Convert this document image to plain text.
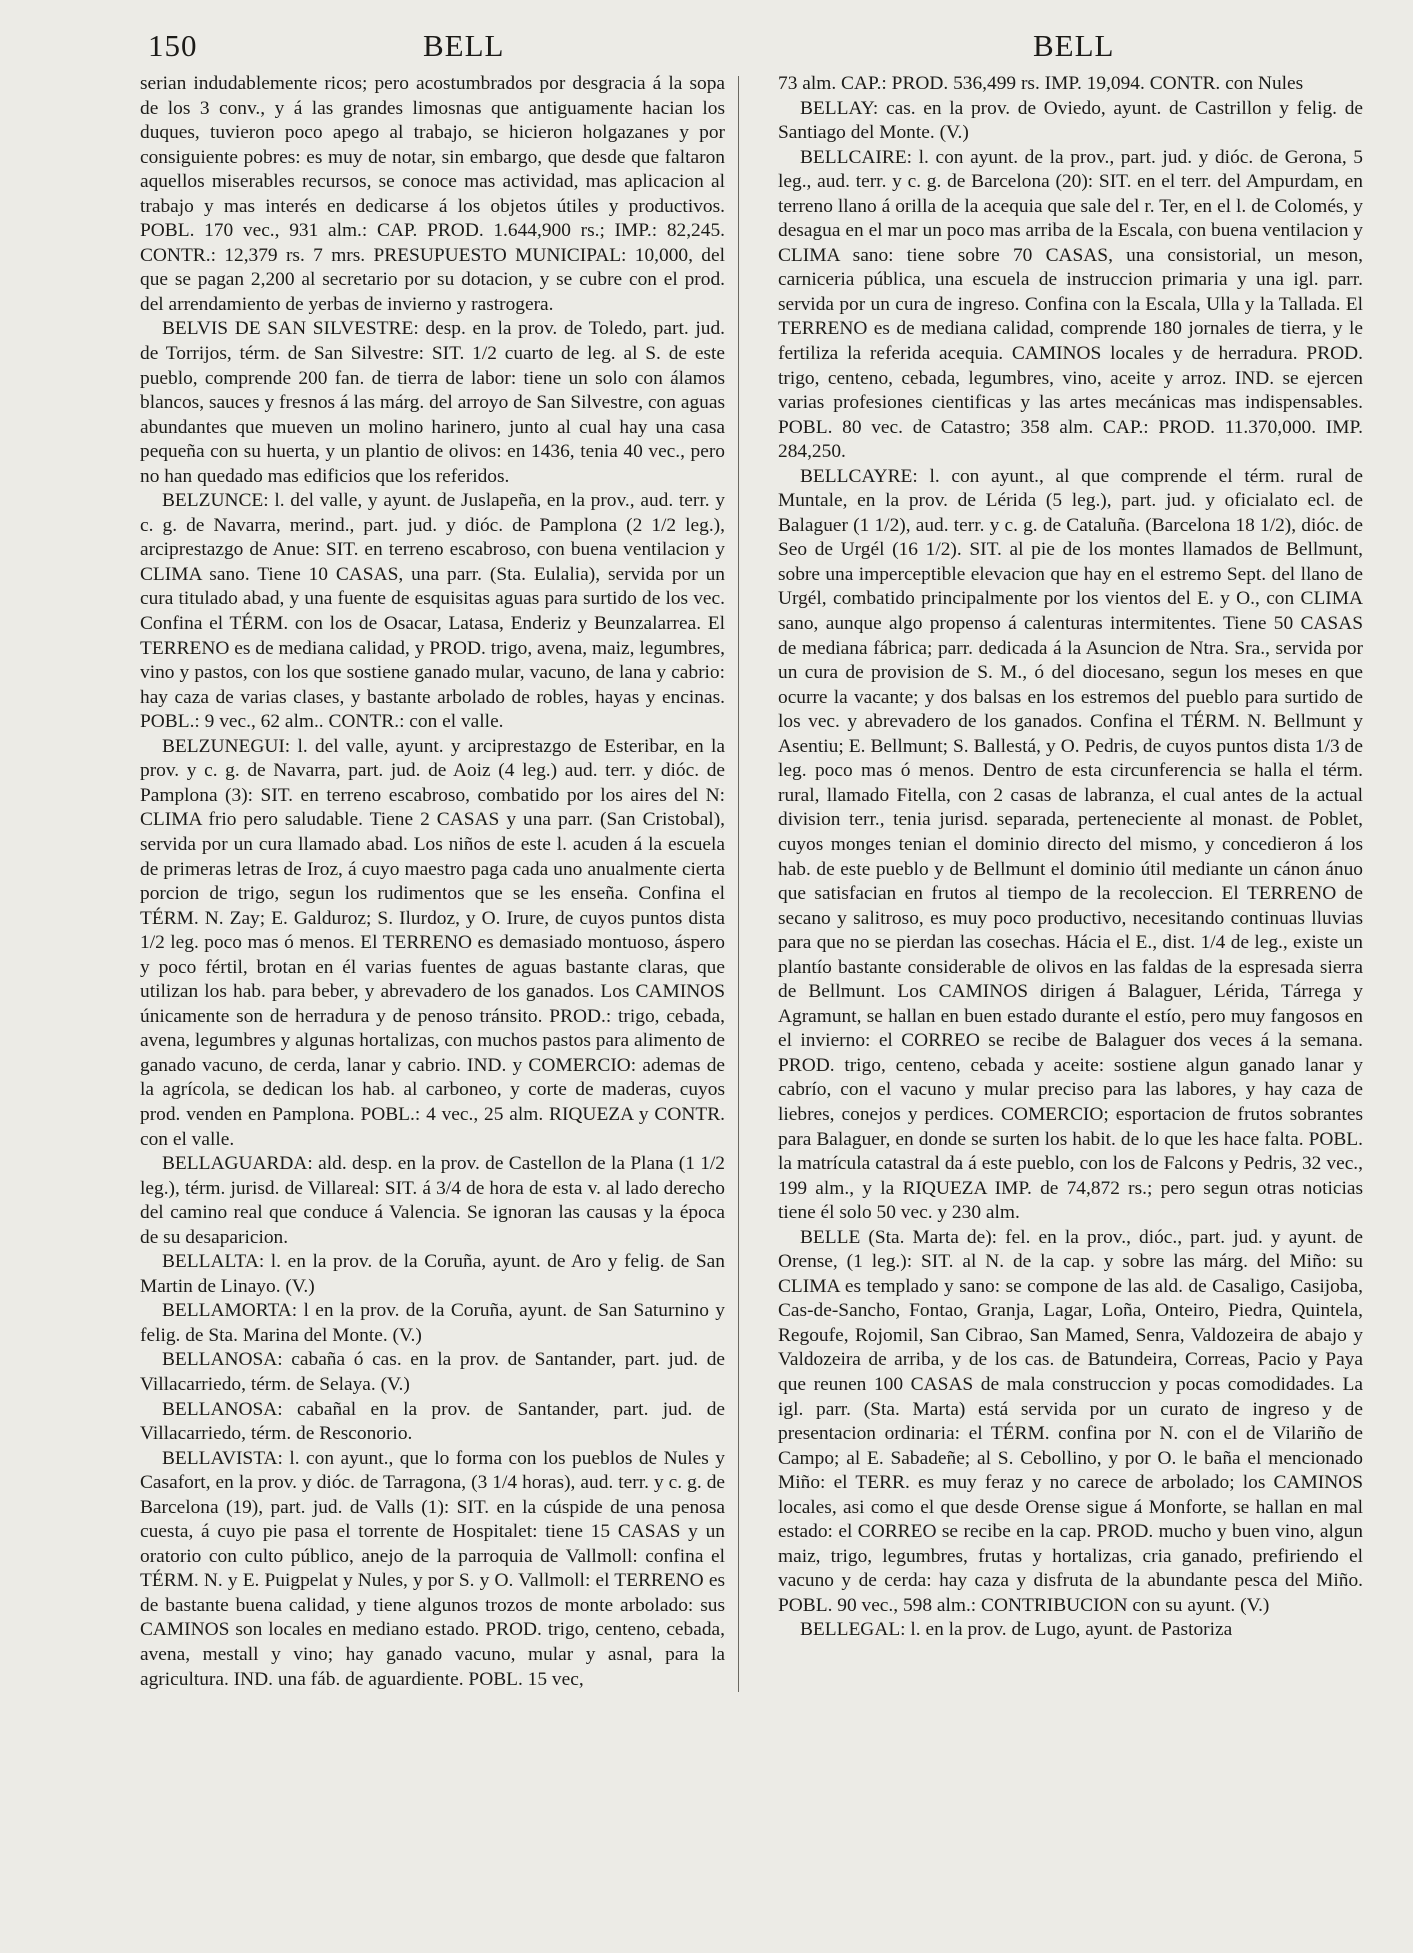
150	BELL	BELL

serian indudablemente ricos; pero acostumbrados por desgracia á la sopa de los 3 conv., y á las grandes limosnas que antiguamente hacian los duques, tuvieron poco apego al trabajo, se hicieron holgazanes y por consiguiente pobres: es muy de notar, sin embargo, que desde que faltaron aquellos miserables recursos, se conoce mas actividad, mas aplicacion al trabajo y mas interés en dedicarse á los objetos útiles y productivos. POBL. 170 vec., 931 alm.: CAP. PROD. 1.644,900 rs.; IMP.: 82,245. CONTR.: 12,379 rs. 7 mrs. PRESUPUESTO MUNICIPAL: 10,000, del que se pagan 2,200 al secretario por su dotacion, y se cubre con el prod. del arrendamiento de yerbas de invierno y rastrogera.

BELVIS DE SAN SILVESTRE: desp. en la prov. de Toledo, part. jud. de Torrijos, térm. de San Silvestre: SIT. 1/2 cuarto de leg. al S. de este pueblo, comprende 200 fan. de tierra de labor: tiene un solo con álamos blancos, sauces y fresnos á las márg. del arroyo de San Silvestre, con aguas abundantes que mueven un molino harinero, junto al cual hay una casa pequeña con su huerta, y un plantio de olivos: en 1436, tenia 40 vec., pero no han quedado mas edificios que los referidos.

BELZUNCE: l. del valle, y ayunt. de Juslapeña, en la prov., aud. terr. y c. g. de Navarra, merind., part. jud. y dióc. de Pamplona (2 1/2 leg.), arciprestazgo de Anue: SIT. en terreno escabroso, con buena ventilacion y CLIMA sano. Tiene 10 CASAS, una parr. (Sta. Eulalia), servida por un cura titulado abad, y una fuente de esquisitas aguas para surtido de los vec. Confina el TÉRM. con los de Osacar, Latasa, Enderiz y Beunzalarrea. El TERRENO es de mediana calidad, y PROD. trigo, avena, maiz, legumbres, vino y pastos, con los que sostiene ganado mular, vacuno, de lana y cabrio: hay caza de varias clases, y bastante arbolado de robles, hayas y encinas. POBL.: 9 vec., 62 alm.. CONTR.: con el valle.

BELZUNEGUI: l. del valle, ayunt. y arciprestazgo de Esteribar, en la prov. y c. g. de Navarra, part. jud. de Aoiz (4 leg.) aud. terr. y dióc. de Pamplona (3): SIT. en terreno escabroso, combatido por los aires del N: CLIMA frio pero saludable. Tiene 2 CASAS y una parr. (San Cristobal), servida por un cura llamado abad. Los niños de este l. acuden á la escuela de primeras letras de Iroz, á cuyo maestro paga cada uno anualmente cierta porcion de trigo, segun los rudimentos que se les enseña. Confina el TÉRM. N. Zay; E. Galduroz; S. Ilurdoz, y O. Irure, de cuyos puntos dista 1/2 leg. poco mas ó menos. El TERRENO es demasiado montuoso, áspero y poco fértil, brotan en él varias fuentes de aguas bastante claras, que utilizan los hab. para beber, y abrevadero de los ganados. Los CAMINOS únicamente son de herradura y de penoso tránsito. PROD.: trigo, cebada, avena, legumbres y algunas hortalizas, con muchos pastos para alimento de ganado vacuno, de cerda, lanar y cabrio. IND. y COMERCIO: ademas de la agrícola, se dedican los hab. al carboneo, y corte de maderas, cuyos prod. venden en Pamplona. POBL.: 4 vec., 25 alm. RIQUEZA y CONTR. con el valle.

BELLAGUARDA: ald. desp. en la prov. de Castellon de la Plana (1 1/2 leg.), térm. jurisd. de Villareal: SIT. á 3/4 de hora de esta v. al lado derecho del camino real que conduce á Valencia. Se ignoran las causas y la época de su desaparicion.

BELLALTA: l. en la prov. de la Coruña, ayunt. de Aro y felig. de San Martin de Linayo. (V.)

BELLAMORTA: l en la prov. de la Coruña, ayunt. de San Saturnino y felig. de Sta. Marina del Monte. (V.)

BELLANOSA: cabaña ó cas. en la prov. de Santander, part. jud. de Villacarriedo, térm. de Selaya. (V.)

BELLANOSA: cabañal en la prov. de Santander, part. jud. de Villacarriedo, térm. de Resconorio.

BELLAVISTA: l. con ayunt., que lo forma con los pueblos de Nules y Casafort, en la prov. y dióc. de Tarragona, (3 1/4 horas), aud. terr. y c. g. de Barcelona (19), part. jud. de Valls (1): SIT. en la cúspide de una penosa cuesta, á cuyo pie pasa el torrente de Hospitalet: tiene 15 CASAS y un oratorio con culto público, anejo de la parroquia de Vallmoll: confina el TÉRM. N. y E. Puigpelat y Nules, y por S. y O. Vallmoll: el TERRENO es de bastante buena calidad, y tiene algunos trozos de monte arbolado: sus CAMINOS son locales en mediano estado. PROD. trigo, centeno, cebada, avena, mestall y vino; hay ganado vacuno, mular y asnal, para la agricultura. IND. una fáb. de aguardiente. POBL. 15 vec,

73 alm. CAP.: PROD. 536,499 rs. IMP. 19,094. CONTR. con Nules

BELLAY: cas. en la prov. de Oviedo, ayunt. de Castrillon y felig. de Santiago del Monte. (V.)

BELLCAIRE: l. con ayunt. de la prov., part. jud. y dióc. de Gerona, 5 leg., aud. terr. y c. g. de Barcelona (20): SIT. en el terr. del Ampurdam, en terreno llano á orilla de la acequia que sale del r. Ter, en el l. de Colomés, y desagua en el mar un poco mas arriba de la Escala, con buena ventilacion y CLIMA sano: tiene sobre 70 CASAS, una consistorial, un meson, carniceria pública, una escuela de instruccion primaria y una igl. parr. servida por un cura de ingreso. Confina con la Escala, Ulla y la Tallada. El TERRENO es de mediana calidad, comprende 180 jornales de tierra, y le fertiliza la referida acequia. CAMINOS locales y de herradura. PROD. trigo, centeno, cebada, legumbres, vino, aceite y arroz. IND. se ejercen varias profesiones cientificas y las artes mecánicas mas indispensables. POBL. 80 vec. de Catastro; 358 alm. CAP.: PROD. 11.370,000. IMP. 284,250.

BELLCAYRE: l. con ayunt., al que comprende el térm. rural de Muntale, en la prov. de Lérida (5 leg.), part. jud. y oficialato ecl. de Balaguer (1 1/2), aud. terr. y c. g. de Cataluña. (Barcelona 18 1/2), dióc. de Seo de Urgél (16 1/2). SIT. al pie de los montes llamados de Bellmunt, sobre una imperceptible elevacion que hay en el estremo Sept. del llano de Urgél, combatido principalmente por los vientos del E. y O., con CLIMA sano, aunque algo propenso á calenturas intermitentes. Tiene 50 CASAS de mediana fábrica; parr. dedicada á la Asuncion de Ntra. Sra., servida por un cura de provision de S. M., ó del diocesano, segun los meses en que ocurre la vacante; y dos balsas en los estremos del pueblo para surtido de los vec. y abrevadero de los ganados. Confina el TÉRM. N. Bellmunt y Asentiu; E. Bellmunt; S. Ballestá, y O. Pedris, de cuyos puntos dista 1/3 de leg. poco mas ó menos. Dentro de esta circunferencia se halla el térm. rural, llamado Fitella, con 2 casas de labranza, el cual antes de la actual division terr., tenia jurisd. separada, perteneciente al monast. de Poblet, cuyos monges tenian el dominio directo del mismo, y concedieron á los hab. de este pueblo y de Bellmunt el dominio útil mediante un cánon ánuo que satisfacian en frutos al tiempo de la recoleccion. El TERRENO de secano y salitroso, es muy poco productivo, necesitando continuas lluvias para que no se pierdan las cosechas. Hácia el E., dist. 1/4 de leg., existe un plantío bastante considerable de olivos en las faldas de la espresada sierra de Bellmunt. Los CAMINOS dirigen á Balaguer, Lérida, Tárrega y Agramunt, se hallan en buen estado durante el estío, pero muy fangosos en el invierno: el CORREO se recibe de Balaguer dos veces á la semana. PROD. trigo, centeno, cebada y aceite: sostiene algun ganado lanar y cabrío, con el vacuno y mular preciso para las labores, y hay caza de liebres, conejos y perdices. COMERCIO; esportacion de frutos sobrantes para Balaguer, en donde se surten los habit. de lo que les hace falta. POBL. la matrícula catastral da á este pueblo, con los de Falcons y Pedris, 32 vec., 199 alm., y la RIQUEZA IMP. de 74,872 rs.; pero segun otras noticias tiene él solo 50 vec. y 230 alm.

BELLE (Sta. Marta de): fel. en la prov., dióc., part. jud. y ayunt. de Orense, (1 leg.): SIT. al N. de la cap. y sobre las márg. del Miño: su CLIMA es templado y sano: se compone de las ald. de Casaligo, Casijoba, Cas-de-Sancho, Fontao, Granja, Lagar, Loña, Onteiro, Piedra, Quintela, Regoufe, Rojomil, San Cibrao, San Mamed, Senra, Valdozeira de abajo y Valdozeira de arriba, y de los cas. de Batundeira, Correas, Pacio y Paya que reunen 100 CASAS de mala construccion y pocas comodidades. La igl. parr. (Sta. Marta) está servida por un curato de ingreso y de presentacion ordinaria: el TÉRM. confina por N. con el de Vilariño de Campo; al E. Sabadeñe; al S. Cebollino, y por O. le baña el mencionado Miño: el TERR. es muy feraz y no carece de arbolado; los CAMINOS locales, asi como el que desde Orense sigue á Monforte, se hallan en mal estado: el CORREO se recibe en la cap. PROD. mucho y buen vino, algun maiz, trigo, legumbres, frutas y hortalizas, cria ganado, prefiriendo el vacuno y de cerda: hay caza y disfruta de la abundante pesca del Miño. POBL. 90 vec., 598 alm.: CONTRIBUCION con su ayunt. (V.)

BELLEGAL: l. en la prov. de Lugo, ayunt. de Pastoriza
